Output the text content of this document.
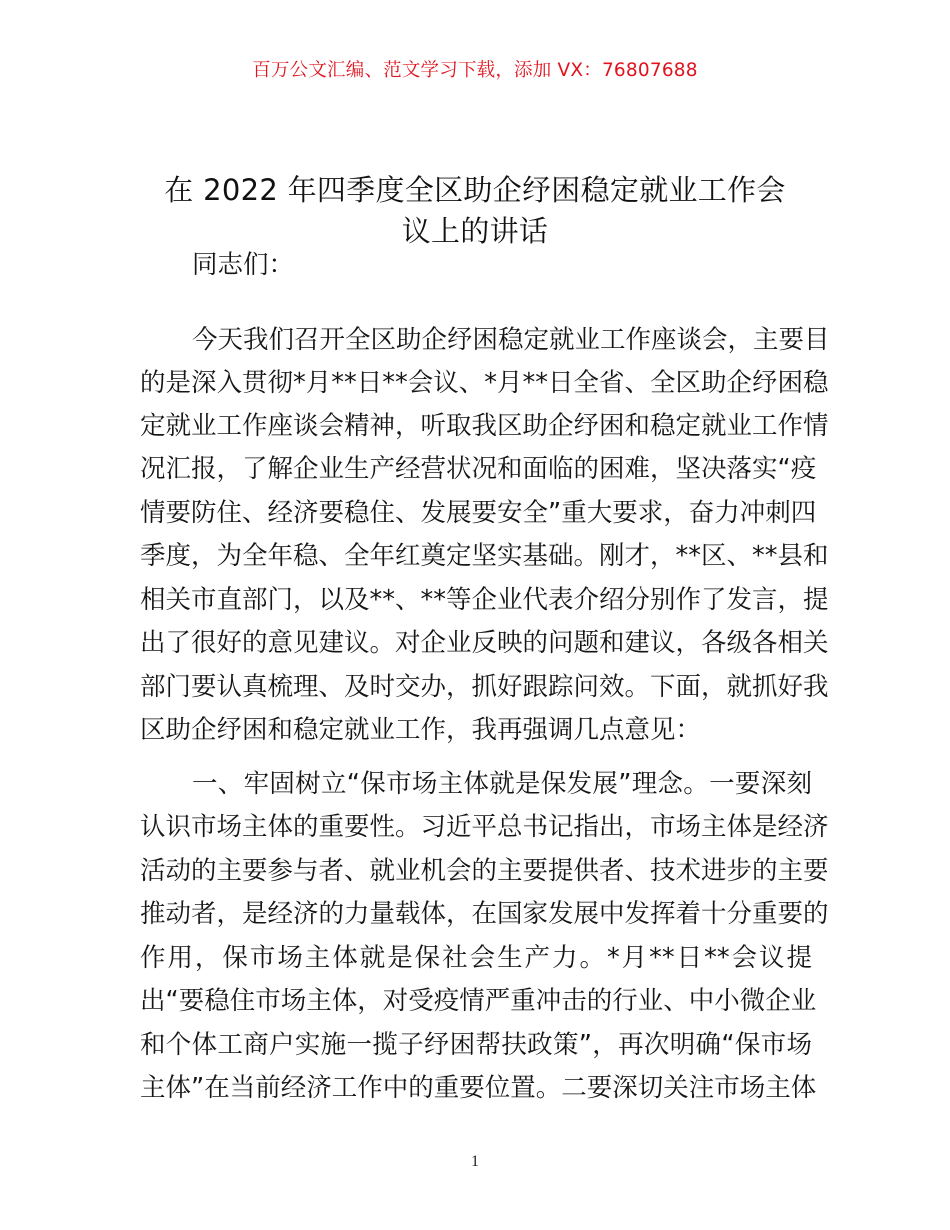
百万公文汇编、范文学习下载，添加 VX：76807688
在 2022 年四季度全区助企纾困稳定就业工作会
议上的讲话
同志们：
今天我们召开全区助企纾困稳定就业工作座谈会，主要目
的是深入贯彻*月**日**会议、*月**日全省、全区助企纾困稳
定就业工作座谈会精神，听取我区助企纾困和稳定就业工作情
况汇报，了解企业生产经营状况和面临的困难，坚决落实“疫
情要防住、经济要稳住、发展要安全”重大要求，奋力冲刺四
季度，为全年稳、全年红奠定坚实基础。刚才，**区、**县和
相关市直部门，以及**、**等企业代表介绍分别作了发言，提
出了很好的意见建议。对企业反映的问题和建议，各级各相关
部门要认真梳理、及时交办，抓好跟踪问效。下面，就抓好我
区助企纾困和稳定就业工作，我再强调几点意见：
一、牢固树立“保市场主体就是保发展”理念。一要深刻
认识市场主体的重要性。习近平总书记指出，市场主体是经济
活动的主要参与者、就业机会的主要提供者、技术进步的主要
推动者，是经济的力量载体，在国家发展中发挥着十分重要的
作用，保市场主体就是保社会生产力。*月**日**会议提
出“要稳住市场主体，对受疫情严重冲击的行业、中小微企业
和个体工商户实施一揽子纾困帮扶政策”，再次明确“保市场
主体”在当前经济工作中的重要位置。二要深切关注市场主体
1
